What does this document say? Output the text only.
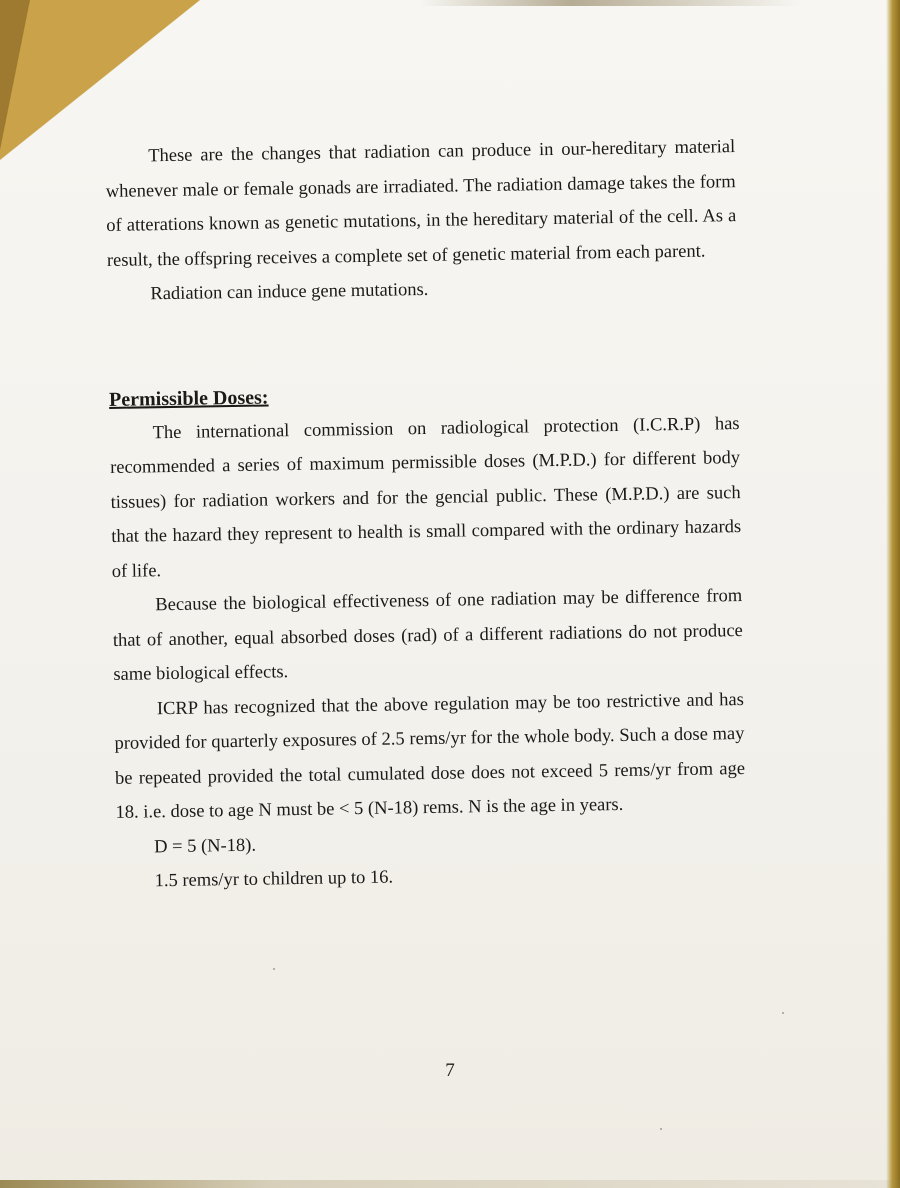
These are the changes that radiation can produce in our-hereditary material whenever male or female gonads are irradiated. The radiation damage takes the form of atterations known as genetic mutations, in the hereditary material of the cell. As a result, the offspring receives a complete set of genetic material from each parent.

Radiation can induce gene mutations.

Permissible Doses:

The international commission on radiological protection (I.C.R.P) has recommended a series of maximum permissible doses (M.P.D.) for different body tissues) for radiation workers and for the gencial public. These (M.P.D.) are such that the hazard they represent to health is small compared with the ordinary hazards of life.

Because the biological effectiveness of one radiation may be difference from that of another, equal absorbed doses (rad) of a different radiations do not produce same biological effects.

ICRP has recognized that the above regulation may be too restrictive and has provided for quarterly exposures of 2.5 rems/yr for the whole body. Such a dose may be repeated provided the total cumulated dose does not exceed 5 rems/yr from age 18. i.e. dose to age N must be < 5 (N-18) rems. N is the age in years.

D = 5 (N-18).

1.5 rems/yr to children up to 16.

7
